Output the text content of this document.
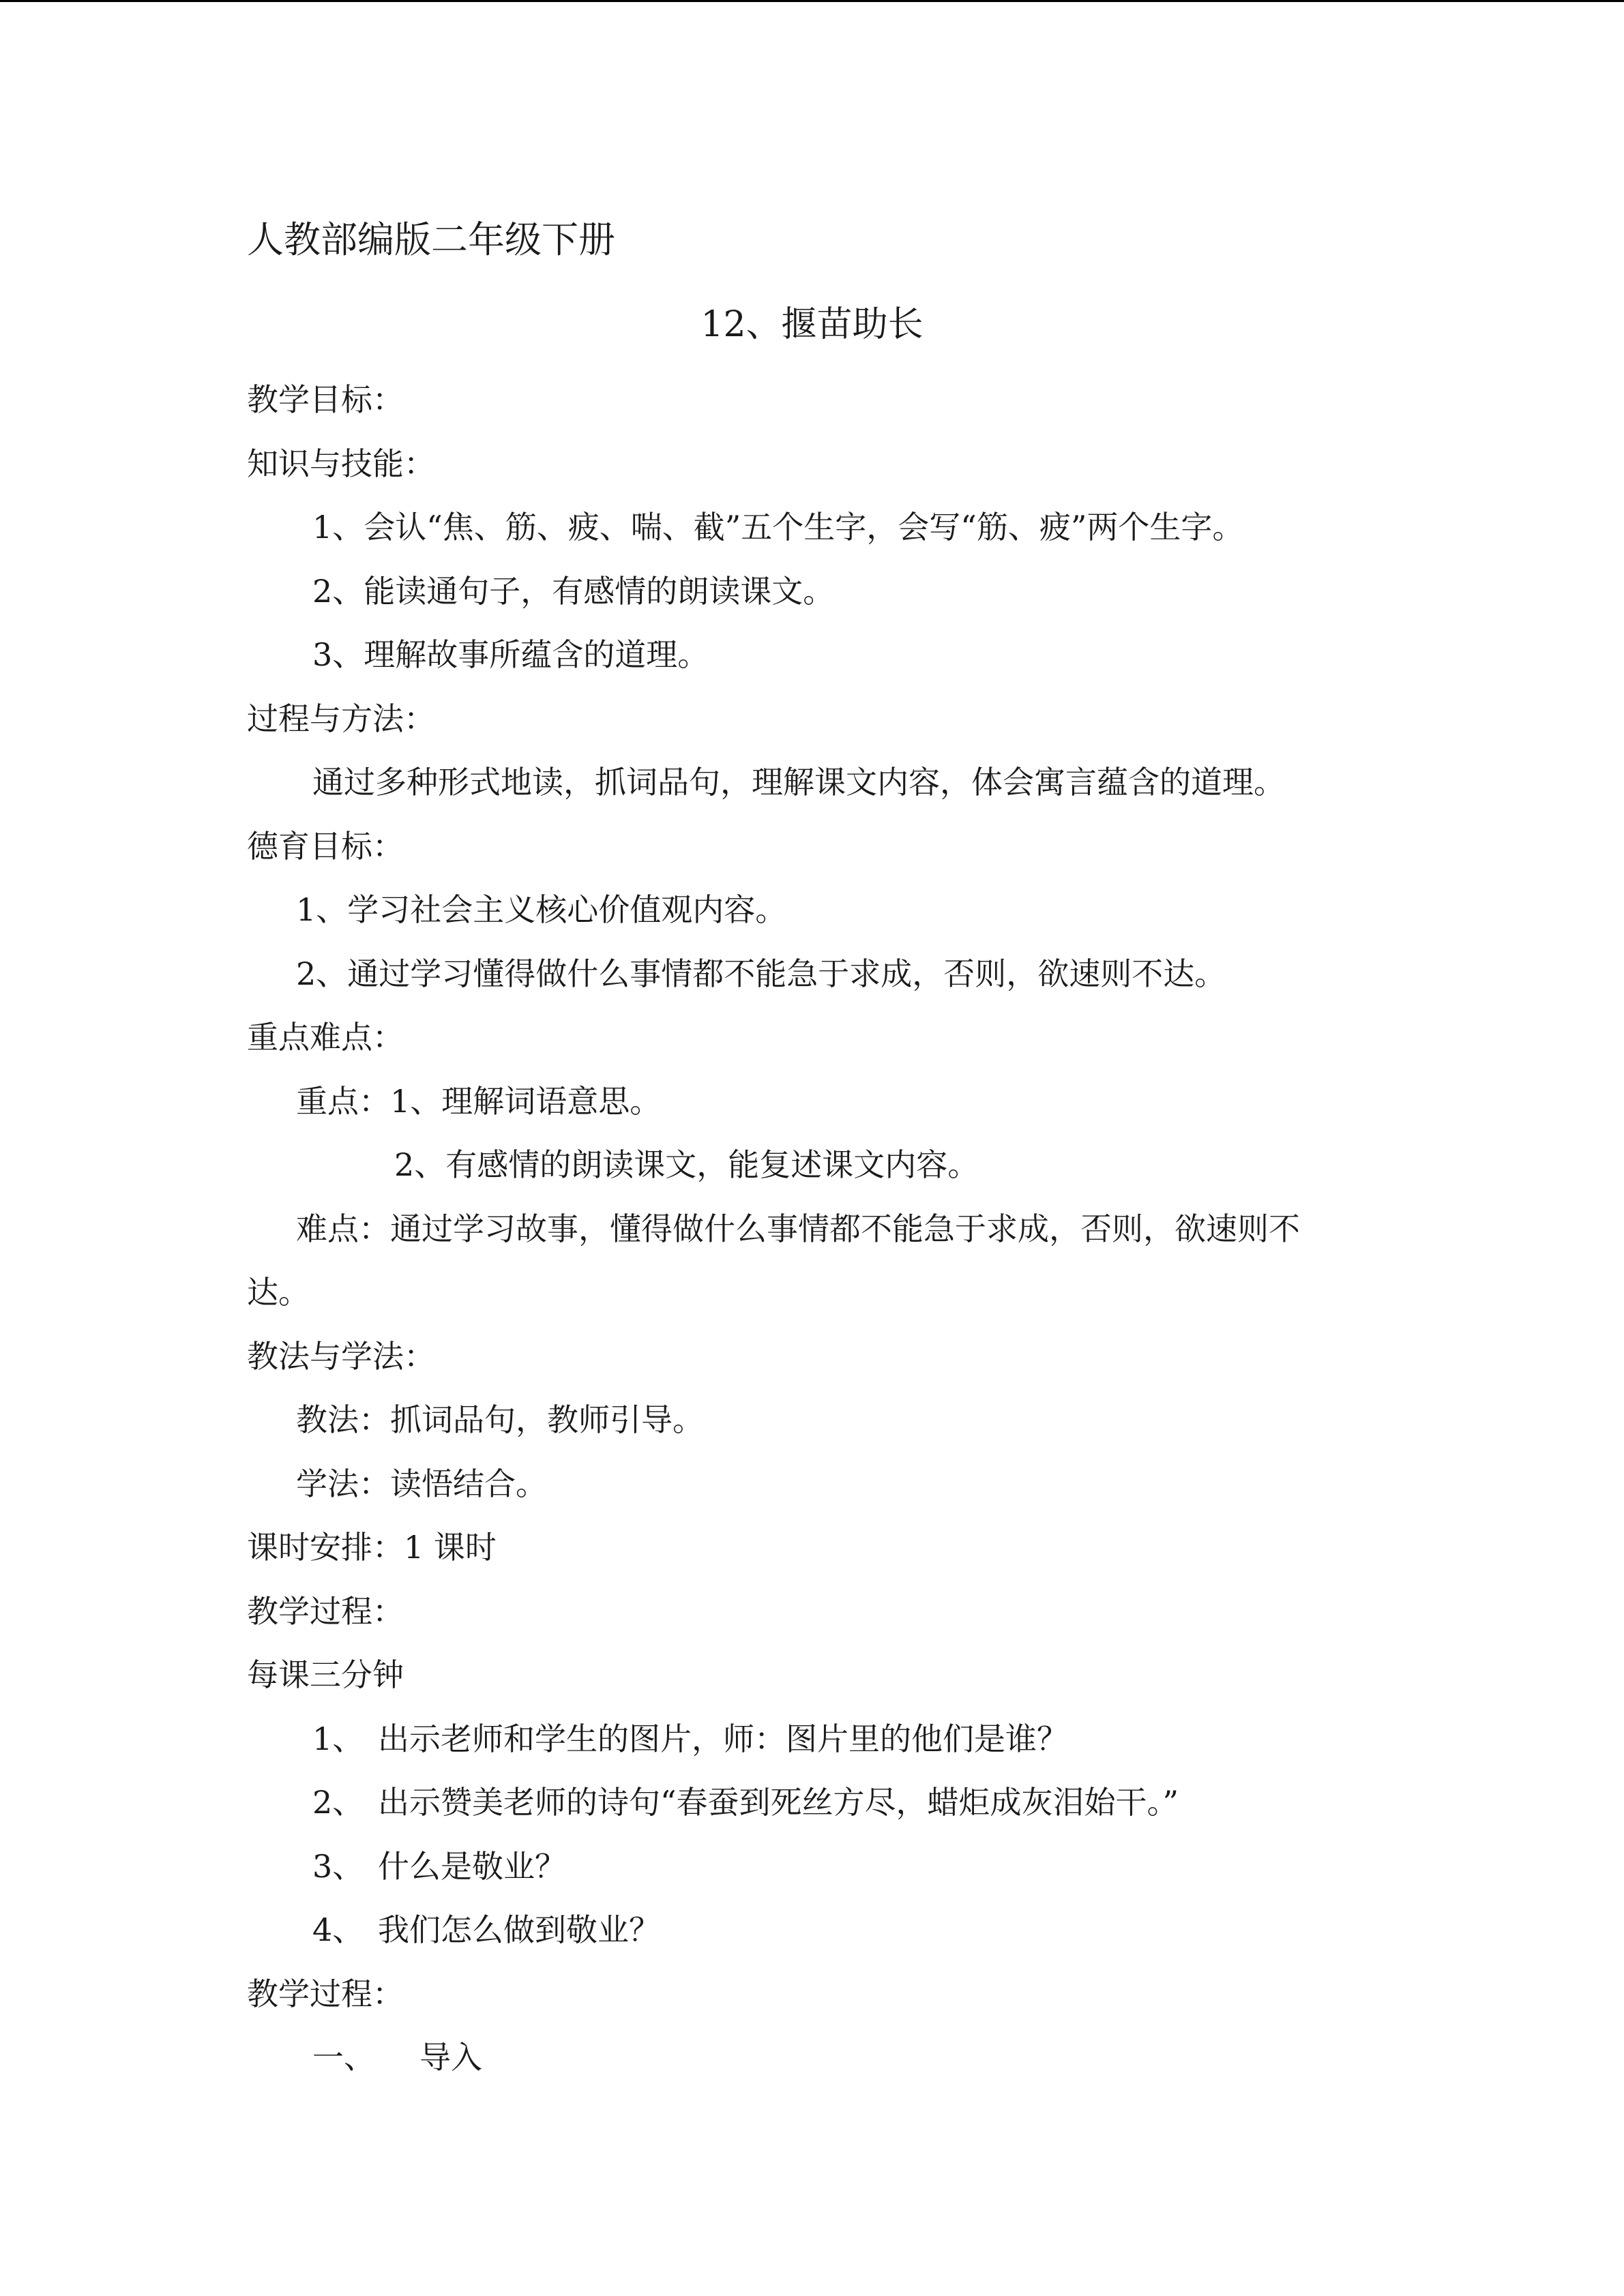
人教部编版二年级下册
12、揠苗助长
教学目标：
知识与技能：
1、会认“焦、筋、疲、喘、截”五个生字，会写“筋、疲”两个生字。
2、能读通句子，有感情的朗读课文。
3、理解故事所蕴含的道理。
过程与方法：
通过多种形式地读，抓词品句，理解课文内容，体会寓言蕴含的道理。
德育目标：
1、学习社会主义核心价值观内容。
2、通过学习懂得做什么事情都不能急于求成，否则，欲速则不达。
重点难点：
重点：1、理解词语意思。
2、有感情的朗读课文，能复述课文内容。
难点：通过学习故事，懂得做什么事情都不能急于求成，否则，欲速则不
达。
教法与学法：
教法：抓词品句，教师引导。
学法：读悟结合。
课时安排：1 课时
教学过程：
每课三分钟
1、 出示老师和学生的图片，师：图片里的他们是谁？
2、 出示赞美老师的诗句“春蚕到死丝方尽，蜡炬成灰泪始干。”
3、 什么是敬业？
4、 我们怎么做到敬业？
教学过程：
一、 导入
